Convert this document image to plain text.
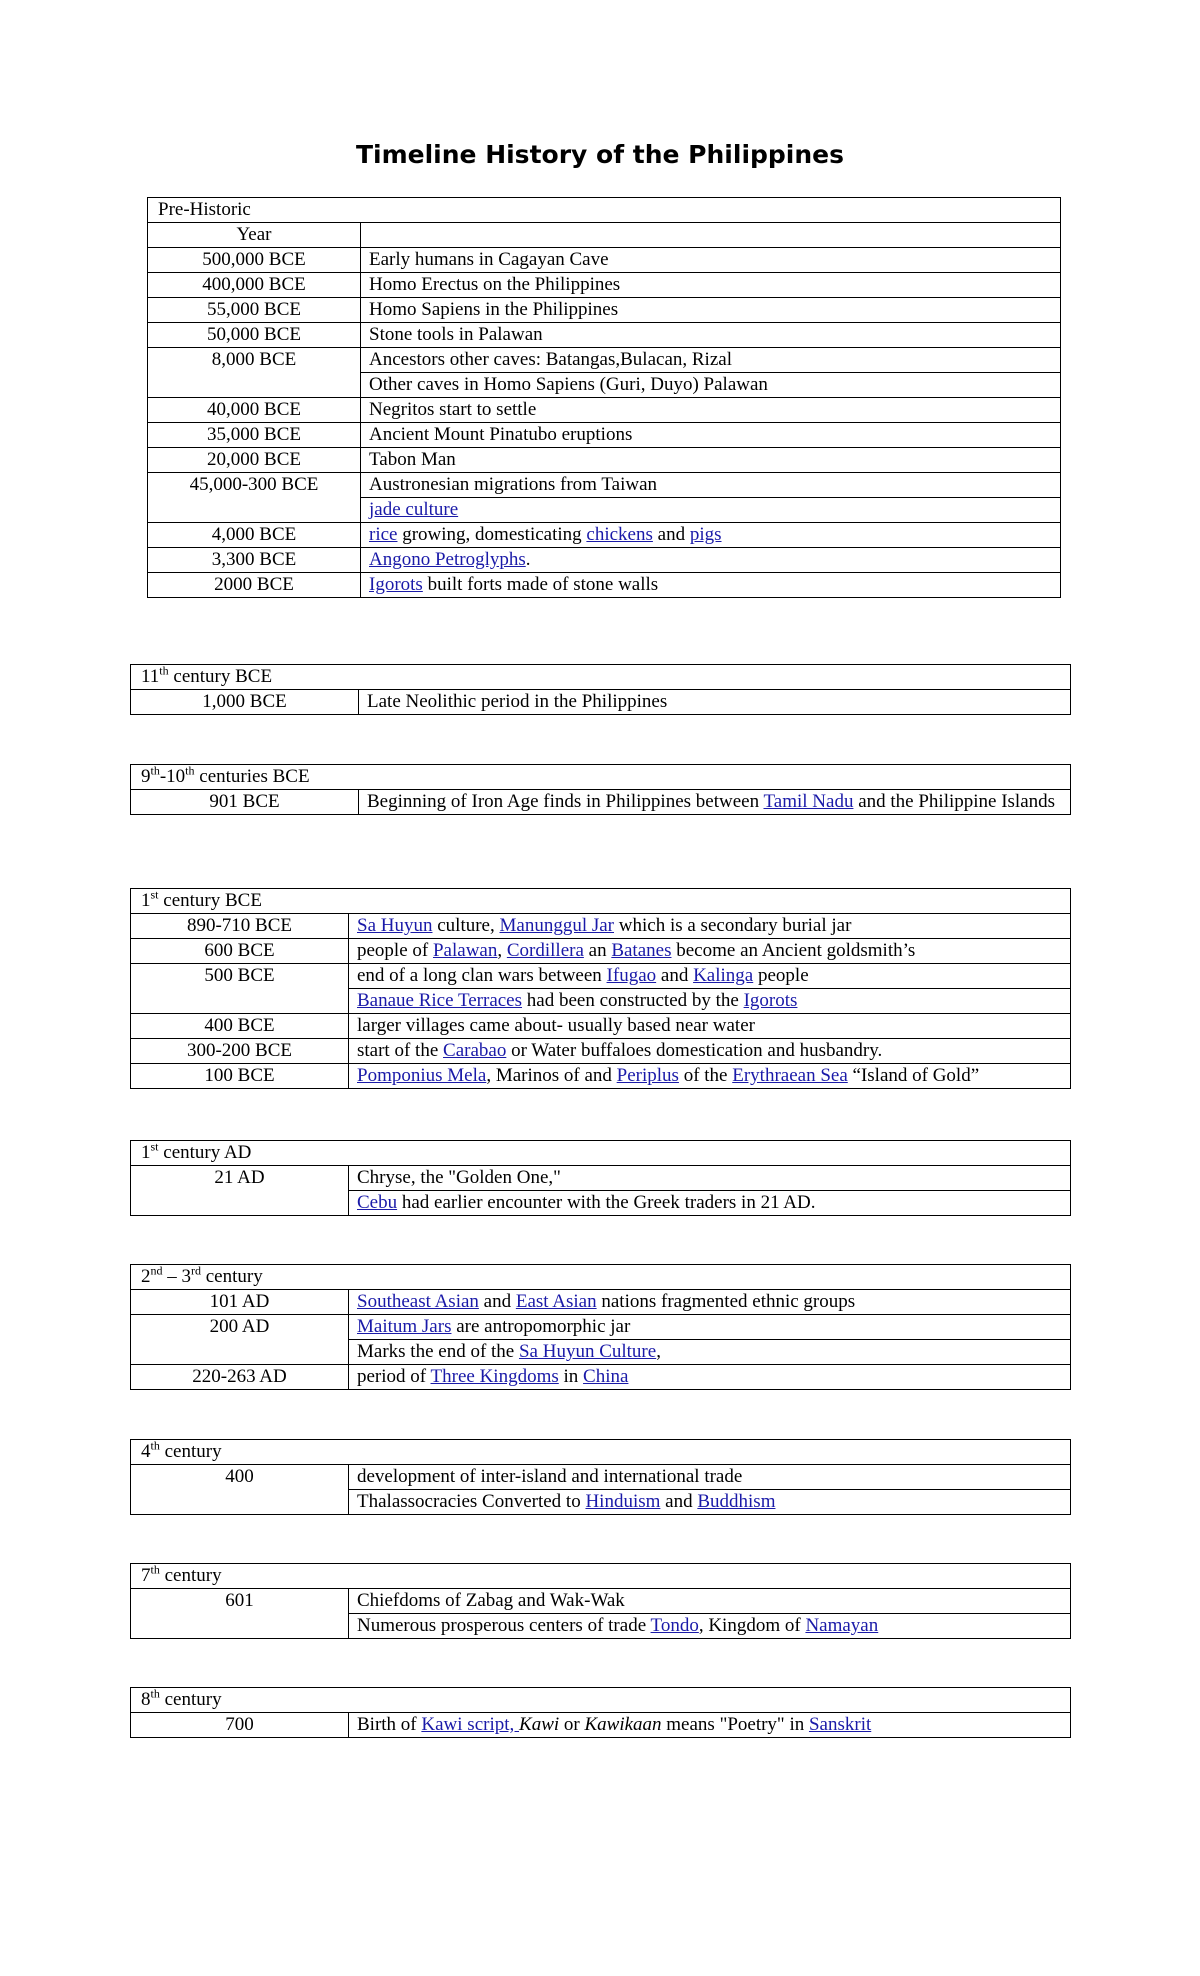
Timeline History of the Philippines
Pre-Historic	
Year	
500,000 BCE	Early humans in Cagayan Cave
400,000 BCE	Homo Erectus on the Philippines
55,000 BCE	Homo Sapiens in the Philippines
50,000 BCE	Stone tools in Palawan
8,000 BCE	Ancestors other caves: Batangas,Bulacan, Rizal
	Other caves in Homo Sapiens (Guri, Duyo) Palawan
40,000 BCE	Negritos start to settle
35,000 BCE	Ancient Mount Pinatubo eruptions
20,000 BCE	Tabon Man
45,000-300 BCE	Austronesian migrations from Taiwan
	jade culture
4,000 BCE	rice growing, domesticating chickens and pigs
3,300 BCE	Angono Petroglyphs.
2000 BCE	Igorots built forts made of stone walls
11th century BCE
1,000 BCE	Late Neolithic period in the Philippines
9th-10th centuries BCE
901 BCE	Beginning of Iron Age finds in Philippines between Tamil Nadu and the Philippine Islands
1st century BCE	
890-710 BCE	Sa Huyun culture, Manunggul Jar which is a secondary burial jar
600 BCE	people of Palawan, Cordillera an Batanes become an Ancient goldsmith’s
500 BCE	end of a long clan wars between Ifugao and Kalinga people
	Banaue Rice Terraces had been constructed by the Igorots
400 BCE	larger villages came about- usually based near water
300-200 BCE	start of the Carabao or Water buffaloes domestication and husbandry.
100 BCE	Pomponius Mela, Marinos of and Periplus of the Erythraean Sea “Island of Gold”
1st century AD	
21 AD	Chryse, the "Golden One,"
	Cebu had earlier encounter with the Greek traders in 21 AD.
2nd – 3rd century	
101 AD	Southeast Asian and East Asian nations fragmented ethnic groups
200 AD	Maitum Jars are antropomorphic jar
	Marks the end of the Sa Huyun Culture,
220-263 AD	period of Three Kingdoms in China
4th century	
400	development of inter-island and international trade
	Thalassocracies Converted to Hinduism and Buddhism
7th century	
601	Chiefdoms of Zabag and Wak-Wak
	Numerous prosperous centers of trade Tondo, Kingdom of Namayan
8th century
700	Birth of Kawi script, Kawi or Kawikaan means "Poetry" in Sanskrit
